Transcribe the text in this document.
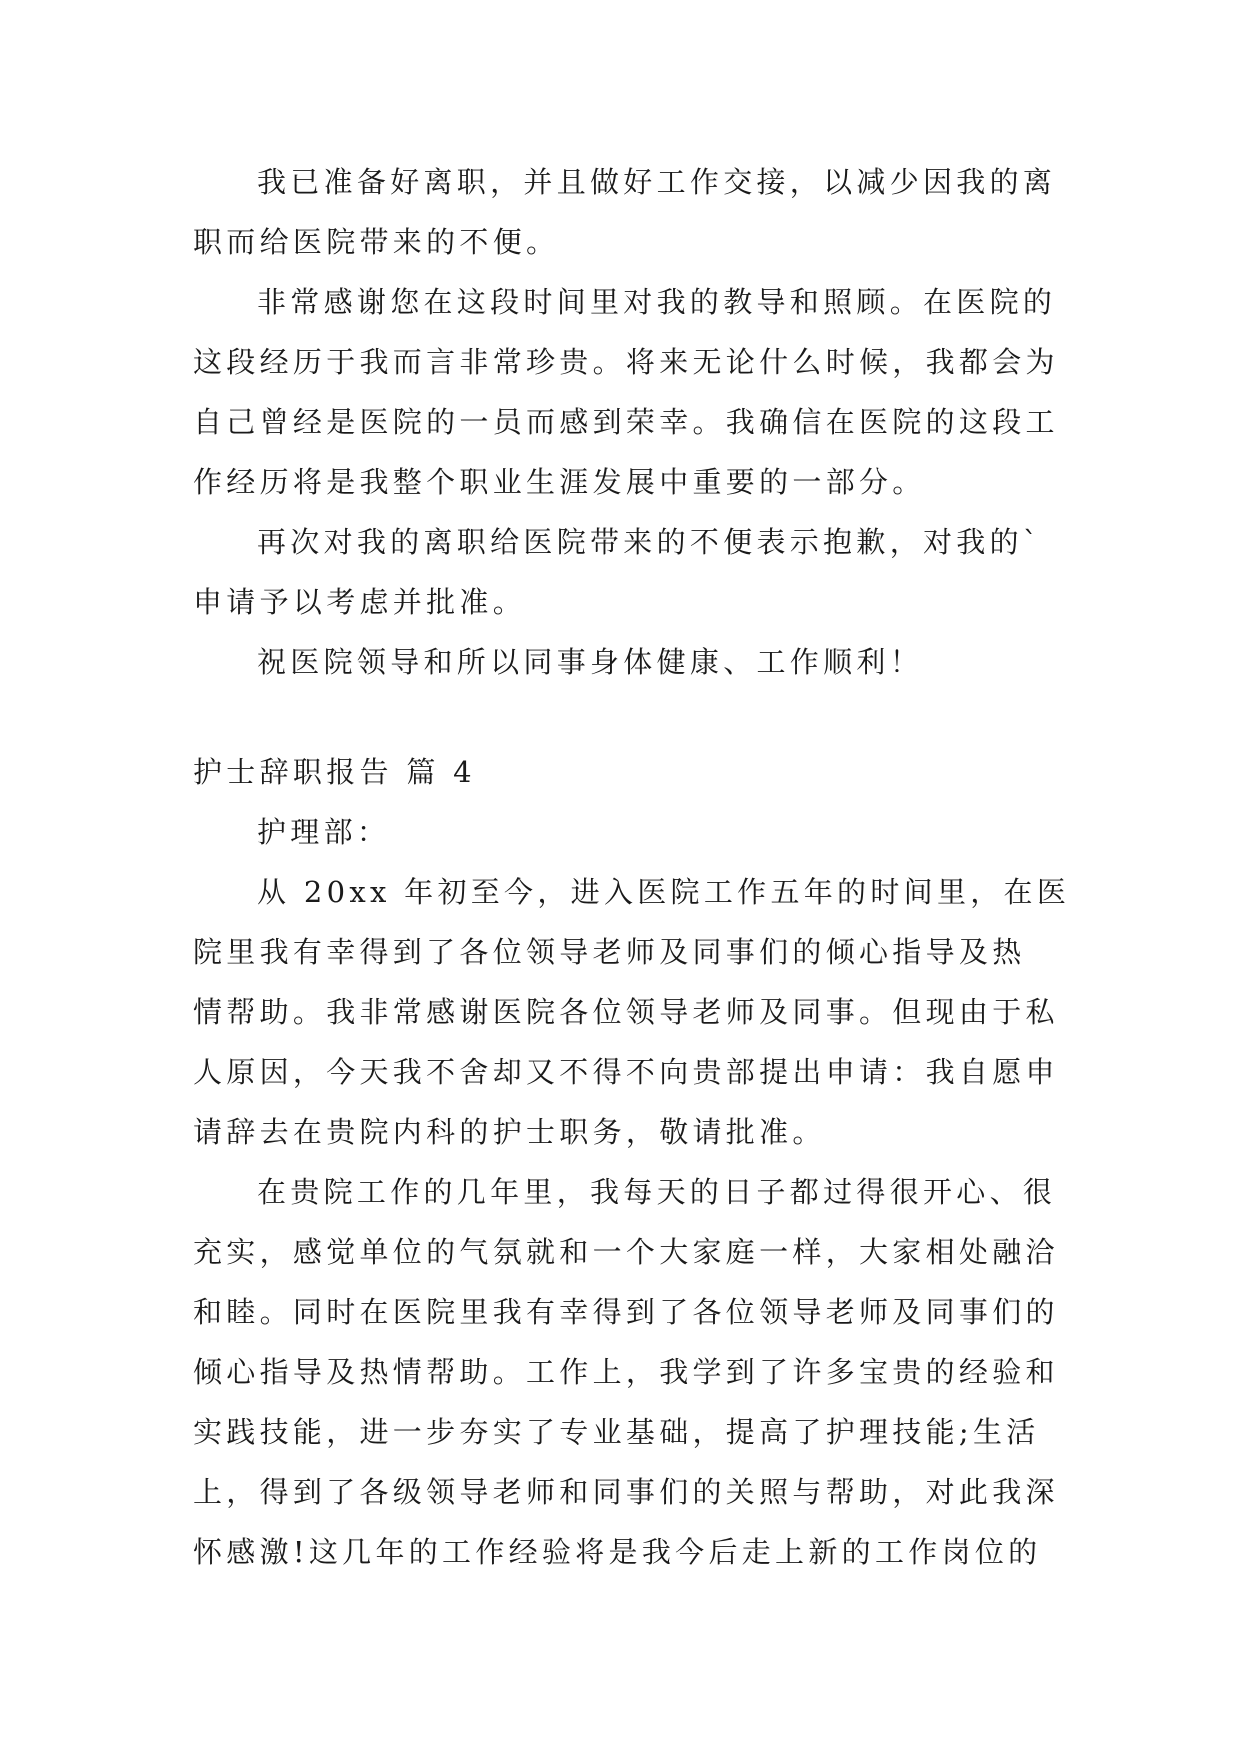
我已准备好离职，并且做好工作交接，以减少因我的离
职而给医院带来的不便。
非常感谢您在这段时间里对我的教导和照顾。在医院的
这段经历于我而言非常珍贵。将来无论什么时候，我都会为
自己曾经是医院的一员而感到荣幸。我确信在医院的这段工
作经历将是我整个职业生涯发展中重要的一部分。
再次对我的离职给医院带来的不便表示抱歉，对我的`
申请予以考虑并批准。
祝医院领导和所以同事身体健康、工作顺利！
护士辞职报告 篇 4
护理部：
从 20xx 年初至今，进入医院工作五年的时间里，在医
院里我有幸得到了各位领导老师及同事们的倾心指导及热
情帮助。我非常感谢医院各位领导老师及同事。但现由于私
人原因，今天我不舍却又不得不向贵部提出申请：我自愿申
请辞去在贵院内科的护士职务，敬请批准。
在贵院工作的几年里，我每天的日子都过得很开心、很
充实，感觉单位的气氛就和一个大家庭一样，大家相处融洽
和睦。同时在医院里我有幸得到了各位领导老师及同事们的
倾心指导及热情帮助。工作上，我学到了许多宝贵的经验和
实践技能，进一步夯实了专业基础，提高了护理技能;生活
上，得到了各级领导老师和同事们的关照与帮助，对此我深
怀感激!这几年的工作经验将是我今后走上新的工作岗位的
